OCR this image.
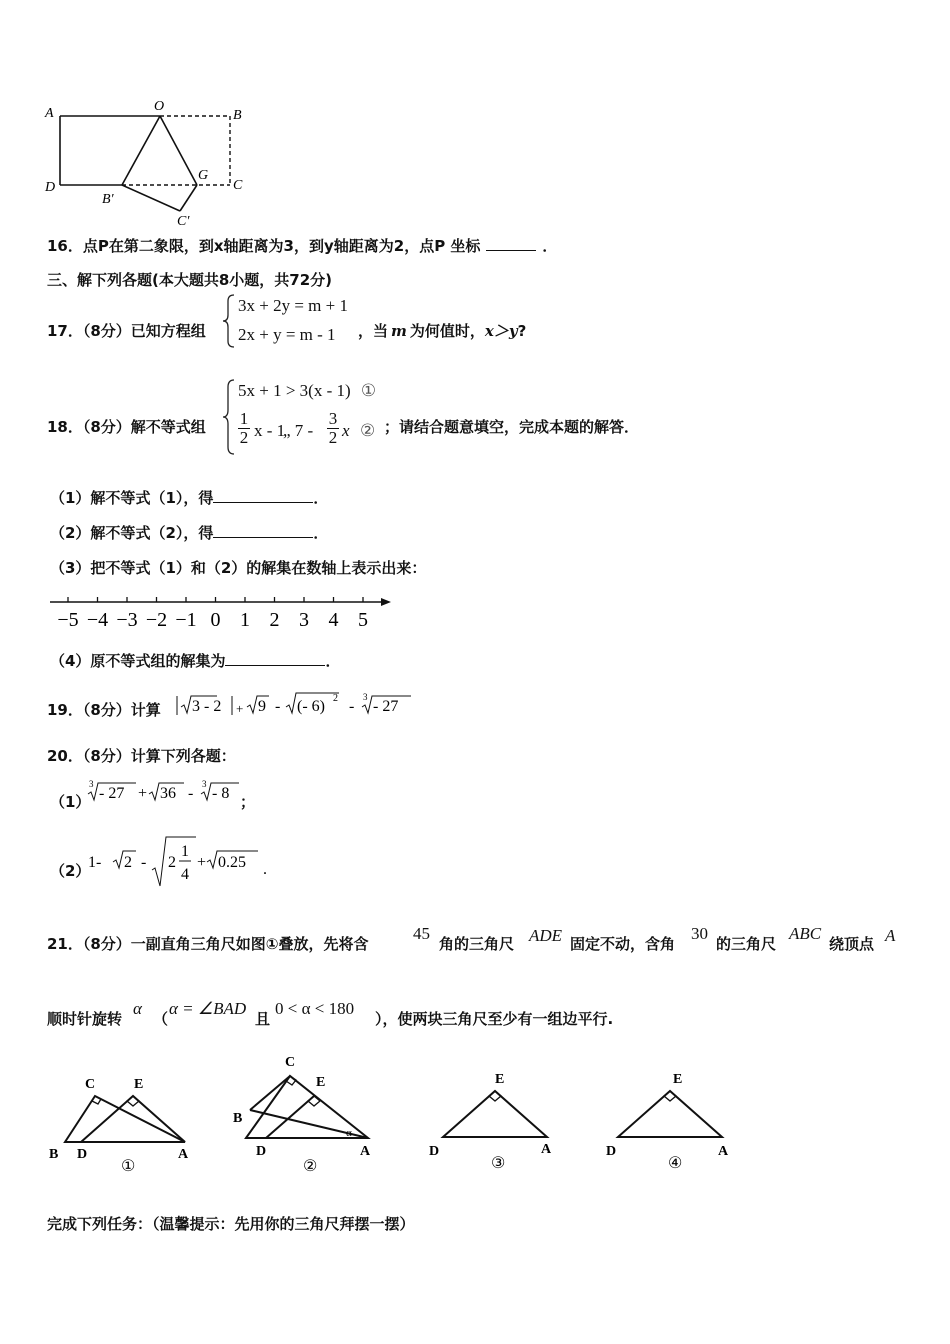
A	O
B
D
B′
G
C
C′
16．点P在第二象限，到x轴距离为3，到y轴距离为2，点P 坐标	．
三、解下列各题(本大题共8小题，共72分)
17．（8分）已知方程组
3x + 2y = m + 1
2x + y = m - 1 ，当 m 为何值时，x＞y?
18．（8分）解不等式组
5x + 1 > 3(x - 1) ①
1
2 x - 1
„ 7 -
3
2 x ② ；请结合题意填空，完成本题的解答．
（1）解不等式（1），得	．
（2）解不等式（2），得	．
（3）把不等式（1）和（2）的解集在数轴上表示出来：
−5 −4 −3 −2 −1 0 1 2 3 4 5
（4）原不等式组的解集为	．
19．（8分）计算 3 - 2 + 9 - (- 6) 2 -
3
- 27
20．（8分）计算下列各题：
（1）
3
- 27 + 36 -
3
- 8 ；
（2）
1- 2 - 2
1
4
+ 0.25 .
21．（8分）一副直角三角尺如图①叠放，先将含
45
角的三角尺 ADE 固定不动，含角
30
的三角尺
ABC
绕顶点 A
顺时针旋转
α
（
α = ∠BAD
且
0 < α < 180
），使两块三角尺至少有一组边平行.
C	E
B D	A
①
C
E
B
D	A
α
②
E
D	A
③
E
D	A
④
完成下列任务：（温馨提示：先用你的三角尺拜摆一摆）
